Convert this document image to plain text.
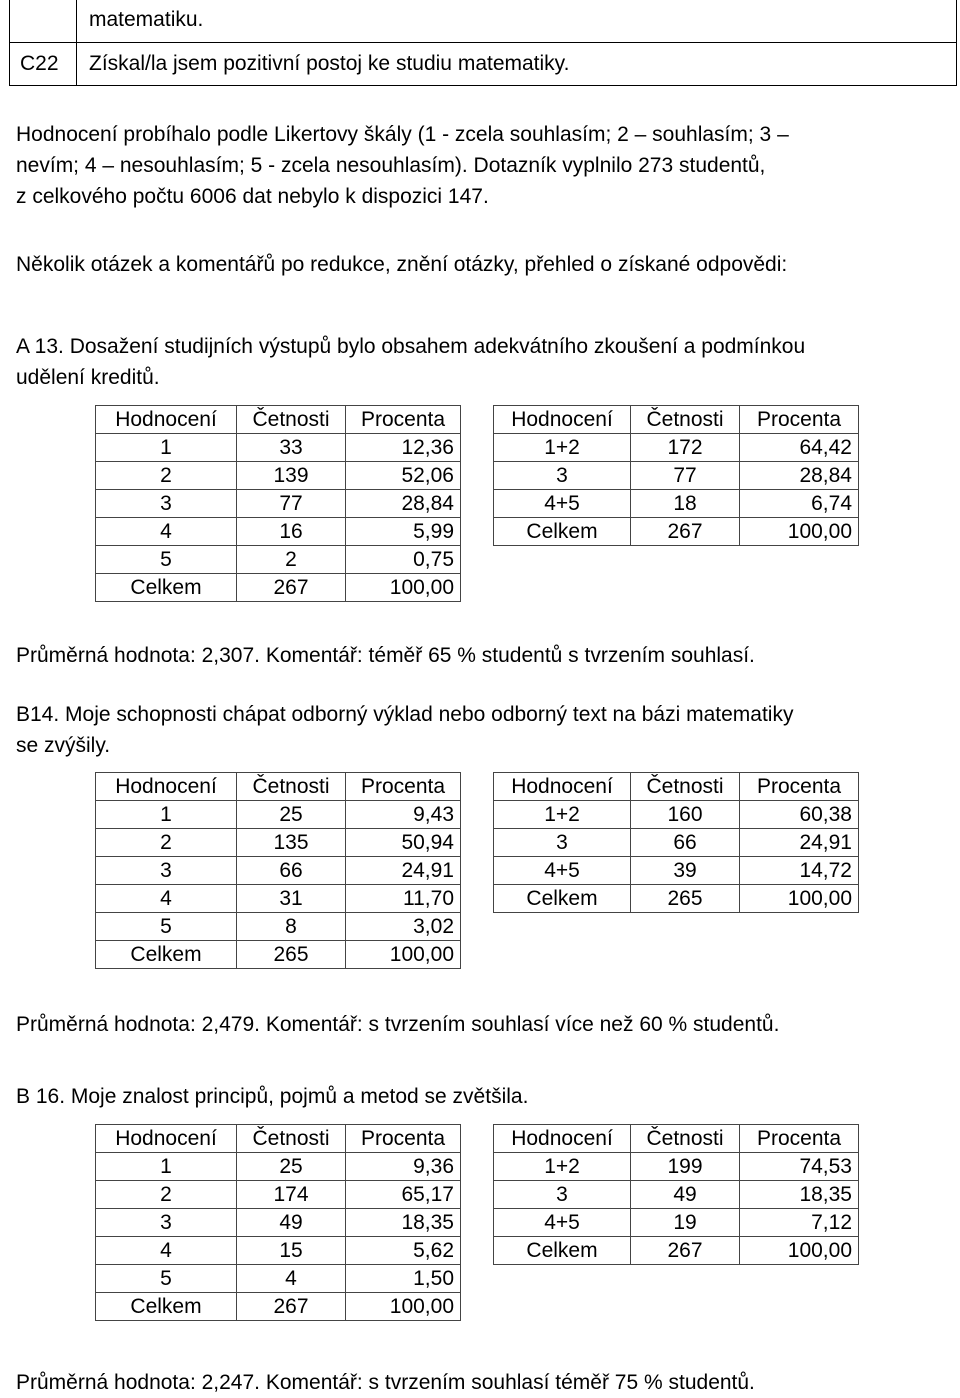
	matematiku.
C22	Získal/la jsem pozitivní postoj ke studiu matematiky.
Hodnocení probíhalo podle Likertovy škály (1 - zcela souhlasím; 2 – souhlasím; 3 –
nevím; 4 – nesouhlasím; 5 - zcela nesouhlasím). Dotazník vyplnilo 273 studentů,
z celkového počtu 6006 dat nebylo k dispozici 147.
Několik otázek a komentářů po redukce, znění otázky, přehled o získané odpovědi:
A 13. Dosažení studijních výstupů bylo obsahem adekvátního zkoušení a podmínkou
udělení kreditů.
Hodnocení	Četnosti	Procenta
1	33	12,36
2	139	52,06
3	77	28,84
4	16	5,99
5	2	0,75
Celkem	267	100,00
Hodnocení	Četnosti	Procenta
1+2	172	64,42
3	77	28,84
4+5	18	6,74
Celkem	267	100,00
Průměrná hodnota: 2,307. Komentář: téměř 65 % studentů s tvrzením souhlasí.
B14. Moje schopnosti chápat odborný výklad nebo odborný text na bázi matematiky
se zvýšily.
Hodnocení	Četnosti	Procenta
1	25	9,43
2	135	50,94
3	66	24,91
4	31	11,70
5	8	3,02
Celkem	265	100,00
Hodnocení	Četnosti	Procenta
1+2	160	60,38
3	66	24,91
4+5	39	14,72
Celkem	265	100,00
Průměrná hodnota: 2,479. Komentář: s tvrzením souhlasí více než 60 % studentů.
B 16. Moje znalost principů, pojmů a metod se zvětšila.
Hodnocení	Četnosti	Procenta
1	25	9,36
2	174	65,17
3	49	18,35
4	15	5,62
5	4	1,50
Celkem	267	100,00
Hodnocení	Četnosti	Procenta
1+2	199	74,53
3	49	18,35
4+5	19	7,12
Celkem	267	100,00
Průměrná hodnota: 2,247. Komentář: s tvrzením souhlasí téměř 75 % studentů.
